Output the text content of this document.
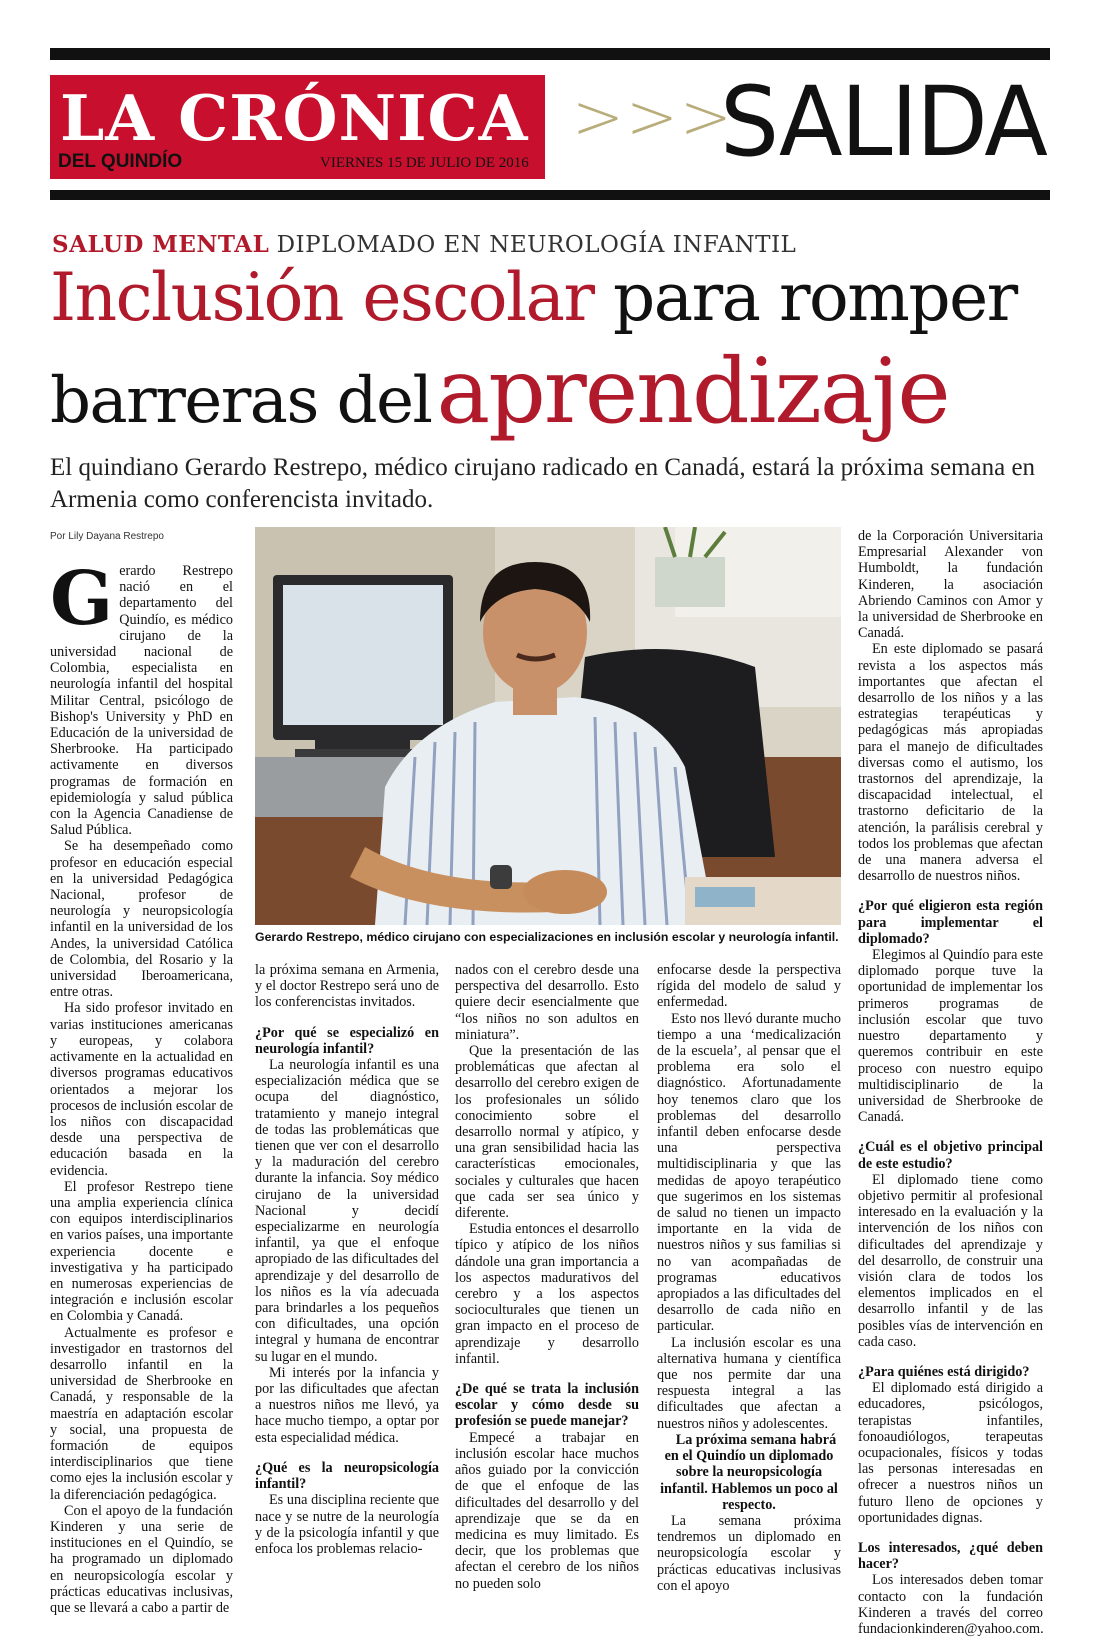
LA CRÓNICA
DEL QUINDÍO	VIERNES 15 DE JULIO DE 2016
>>>
SALIDA
SALUD MENTAL DIPLOMADO EN NEUROLOGÍA INFANTIL
Inclusión escolar para romper
barreras del aprendizaje
El quindiano Gerardo Restrepo, médico cirujano radicado en Canadá, estará la próxima semana en Armenia como conferencista invitado.
Por Lily Dayana Restrepo
G erardo Restrepo nació en el departamento del Quindío, es médico cirujano de la universidad nacional de Colombia, especialista en neurología infantil del hospital Militar Central, psicólogo de Bishop's University y PhD en Educación de la universidad de Sherbrooke. Ha participado activamente en diversos programas de formación en epidemiología y salud pública con la Agencia Canadiense de Salud Pública.

Se ha desempeñado como profesor en educación especial en la universidad Pedagógica Nacional, profesor de neurología y neuropsicología infantil en la universidad de los Andes, la universidad Católica de Colombia, del Rosario y la universidad Iberoamericana, entre otras.

Ha sido profesor invitado en varias instituciones americanas y europeas, y colabora activamente en la actualidad en diversos programas educativos orientados a mejorar los procesos de inclusión escolar de los niños con discapacidad desde una perspectiva de educación basada en la evidencia.

El profesor Restrepo tiene una amplia experiencia clínica con equipos interdisciplinarios en varios países, una importante experiencia docente e investigativa y ha participado en numerosas experiencias de integración e inclusión escolar en Colombia y Canadá.

Actualmente es profesor e investigador en trastornos del desarrollo infantil en la universidad de Sherbrooke en Canadá, y responsable de la maestría en adaptación escolar y social, una propuesta de formación de equipos interdisciplinarios que tiene como ejes la inclusión escolar y la diferenciación pedagógica.

Con el apoyo de la fundación Kinderen y una serie de instituciones en el Quindío, se ha programado un diplomado en neuropsicología escolar y prácticas educativas inclusivas, que se llevará a cabo a partir de

Gerardo Restrepo, médico cirujano con especializaciones en inclusión escolar y neurología infantil.

la próxima semana en Armenia, y el doctor Restrepo será uno de los conferencistas invitados.

¿Por qué se especializó en neurología infantil?

La neurología infantil es una especialización médica que se ocupa del diagnóstico, tratamiento y manejo integral de todas las problemáticas que tienen que ver con el desarrollo y la maduración del cerebro durante la infancia. Soy médico cirujano de la universidad Nacional y decidí especializarme en neurología infantil, ya que el enfoque apropiado de las dificultades del aprendizaje y del desarrollo de los niños es la vía adecuada para brindarles a los pequeños con dificultades, una opción integral y humana de encontrar su lugar en el mundo.

Mi interés por la infancia y por las dificultades que afectan a nuestros niños me llevó, ya hace mucho tiempo, a optar por esta especialidad médica.

¿Qué es la neuropsicología infantil?

Es una disciplina reciente que nace y se nutre de la neurología y de la psicología infantil y que enfoca los problemas relacio-

nados con el cerebro desde una perspectiva del desarrollo. Esto quiere decir esencialmente que “los niños no son adultos en miniatura”.

Que la presentación de las problemáticas que afectan al desarrollo del cerebro exigen de los profesionales un sólido conocimiento sobre el desarrollo normal y atípico, y una gran sensibilidad hacia las características emocionales, sociales y culturales que hacen que cada ser sea único y diferente.

Estudia entonces el desarrollo típico y atípico de los niños dándole una gran importancia a los aspectos madurativos del cerebro y a los aspectos socioculturales que tienen un gran impacto en el proceso de aprendizaje y desarrollo infantil.

¿De qué se trata la inclusión escolar y cómo desde su profesión se puede manejar?

Empecé a trabajar en inclusión escolar hace muchos años guiado por la convicción de que el enfoque de las dificultades del desarrollo y del aprendizaje que se da en medicina es muy limitado. Es decir, que los problemas que afectan el cerebro de los niños no pueden solo

enfocarse desde la perspectiva rígida del modelo de salud y enfermedad.

Esto nos llevó durante mucho tiempo a una ‘medicalización de la escuela’, al pensar que el problema era solo el diagnóstico. Afortunadamente hoy tenemos claro que los problemas del desarrollo infantil deben enfocarse desde una perspectiva multidisciplinaria y que las medidas de apoyo terapéutico que sugerimos en los sistemas de salud no tienen un impacto importante en la vida de nuestros niños y sus familias si no van acompañadas de programas educativos apropiados a las dificultades del desarrollo de cada niño en particular.

La inclusión escolar es una alternativa humana y científica que nos permite dar una respuesta integral a las dificultades que afectan a nuestros niños y adolescentes.

La próxima semana habrá en el Quindío un diplomado sobre la neuropsicología infantil. Hablemos un poco al respecto.

La semana próxima tendremos un diplomado en neuropsicología escolar y prácticas educativas inclusivas con el apoyo

de la Corporación Universitaria Empresarial Alexander von Humboldt, la fundación Kinderen, la asociación Abriendo Caminos con Amor y la universidad de Sherbrooke en Canadá.

En este diplomado se pasará revista a los aspectos más importantes que afectan el desarrollo de los niños y a las estrategias terapéuticas y pedagógicas más apropiadas para el manejo de dificultades diversas como el autismo, los trastornos del aprendizaje, la discapacidad intelectual, el trastorno deficitario de la atención, la parálisis cerebral y todos los problemas que afectan de una manera adversa el desarrollo de nuestros niños.

¿Por qué eligieron esta región para implementar el diplomado?

Elegimos al Quindío para este diplomado porque tuve la oportunidad de implementar los primeros programas de inclusión escolar que tuvo nuestro departamento y queremos contribuir en este proceso con nuestro equipo multidisciplinario de la universidad de Sherbrooke de Canadá.

¿Cuál es el objetivo principal de este estudio?

El diplomado tiene como objetivo permitir al profesional interesado en la evaluación y la intervención de los niños con dificultades del aprendizaje y del desarrollo, de construir una visión clara de todos los elementos implicados en el desarrollo infantil y de las posibles vías de intervención en cada caso.

¿Para quiénes está dirigido?

El diplomado está dirigido a educadores, psicólogos, terapistas infantiles, fonoaudiólogos, terapeutas ocupacionales, físicos y todas las personas interesadas en ofrecer a nuestros niños un futuro lleno de opciones y oportunidades dignas.

Los interesados, ¿qué deben hacer?

Los interesados deben tomar contacto con la fundación Kinderen a través del correo fundacionkinderen@yahoo.com.
